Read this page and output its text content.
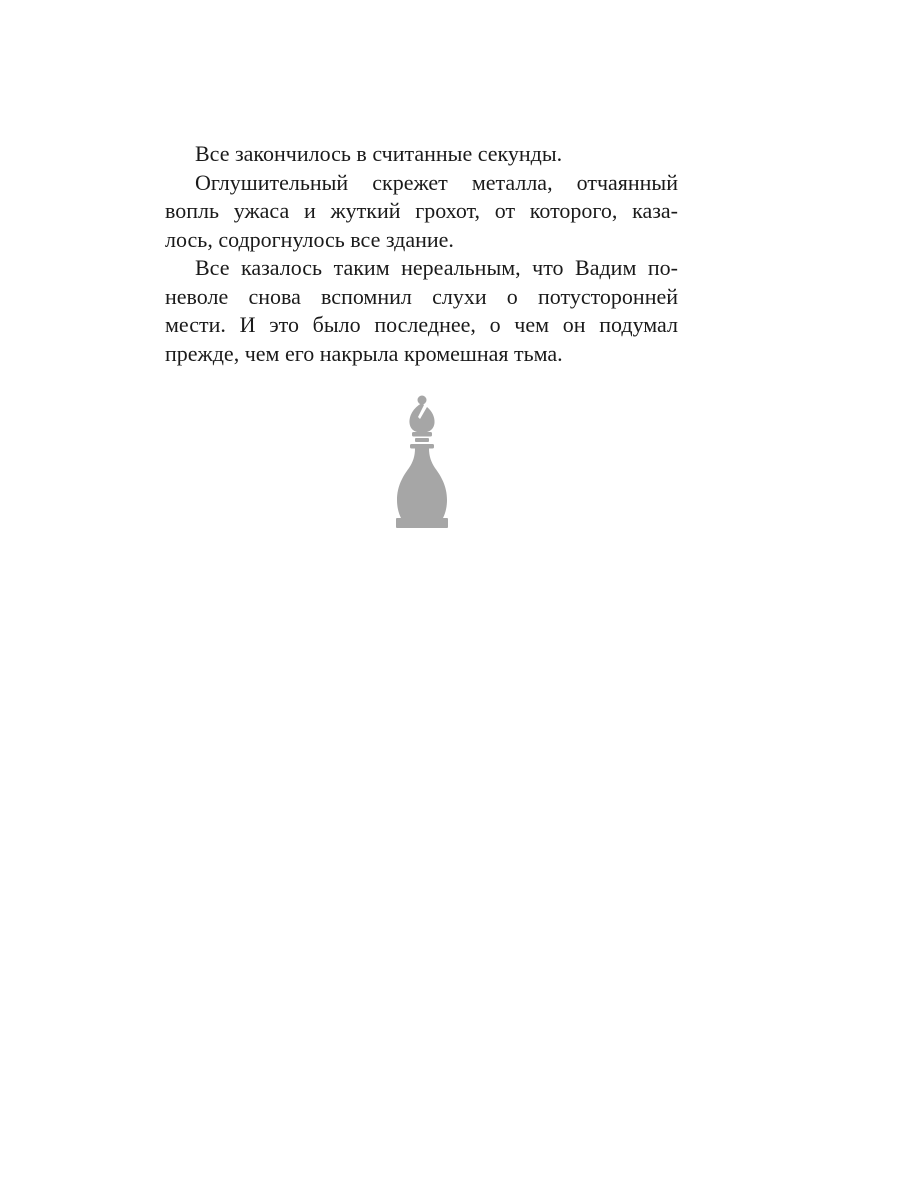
Все закончилось в считанные секунды.
Оглушительный скрежет металла, отчаянный
вопль ужаса и жуткий грохот, от которого, каза-
лось, содрогнулось все здание.
Все казалось таким нереальным, что Вадим по-
неволе снова вспомнил слухи о потусторонней
мести. И это было последнее, о чем он подумал
прежде, чем его накрыла кромешная тьма.
